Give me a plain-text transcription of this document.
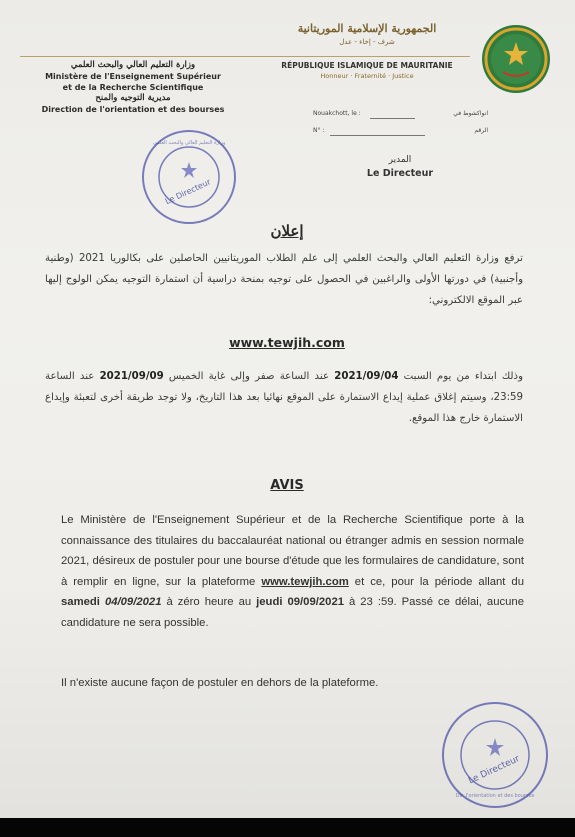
الجمهورية الإسلامية الموريتانية
شرف - إخاء - عدل
RÉPUBLIQUE ISLAMIQUE DE MAURITANIE
Honneur · Fraternité · Justice
وزارة التعليم العالي والبحث العلمي
Ministère de l'Enseignement Supérieur
et de la Recherche Scientifique
مديرية التوجيه والمنح
Direction de l'orientation et des bourses	Nouakchott, le :	انواكشوط في
N° :	الرقم
المدير
Le Directeur
Le Directeur
وزارة التعليم العالي والبحث العلمي
Le Directeur
Dir. l'orientation et des bourses
إعلان
ترفع وزارة التعليم العالي والبحث العلمي إلى علم الطلاب الموريتانيين الحاصلين على بكالوريا 2021 (وطنية وأجنبية) في دورتها الأولى والراغبين في الحصول على توجيه بمنحة دراسية أن استمارة التوجيه يمكن الولوج إليها عبر الموقع الالكتروني:
www.tewjih.com
وذلك ابتداء من يوم السبت 2021/09/04 عند الساعة صفر وإلى غاية الخميس 2021/09/09 عند الساعة 23:59، وسيتم إغلاق عملية إيداع الاستمارة على الموقع نهائيا بعد هذا التاريخ، ولا توجد طريقة أخرى لتعبئة وإيداع الاستمارة خارج هذا الموقع.
AVIS
Le Ministère de l'Enseignement Supérieur et de la Recherche Scientifique porte à la connaissance des titulaires du baccalauréat national ou étranger admis en session normale 2021, désireux de postuler pour une bourse d'étude que les formulaires de candidature, sont à remplir en ligne, sur la plateforme www.tewjih.com et ce, pour la période allant du samedi 04/09/2021 à zéro heure au jeudi 09/09/2021 à 23 :59. Passé ce délai, aucune candidature ne sera possible.
Il n'existe aucune façon de postuler en dehors de la plateforme.
